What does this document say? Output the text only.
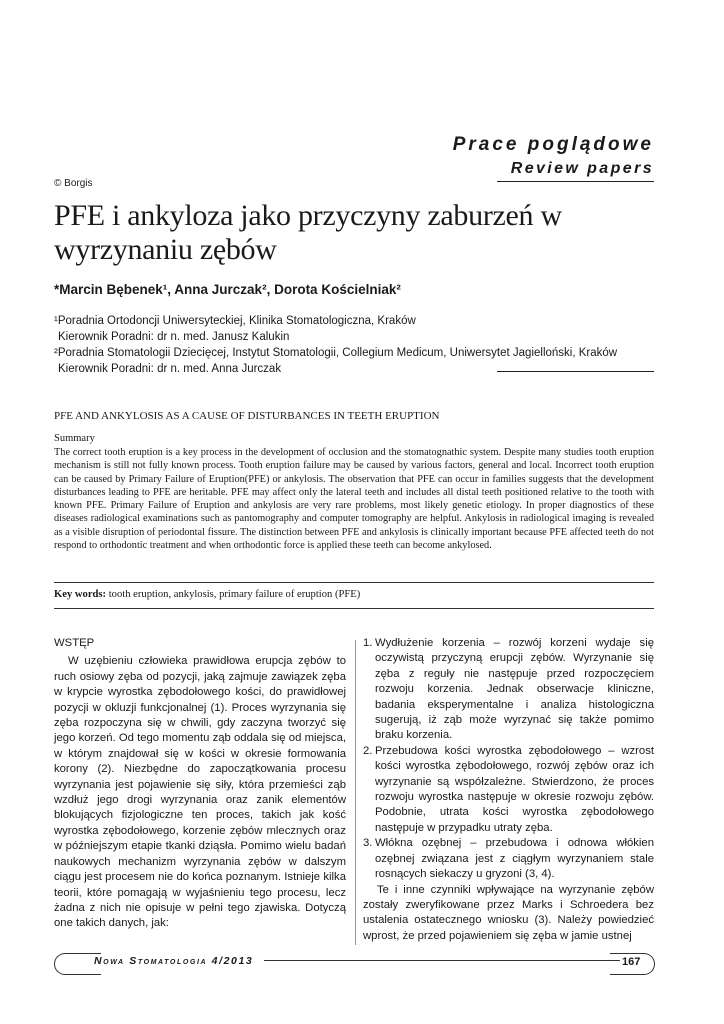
Prace poglądowe
Review papers
© Borgis
PFE i ankyloza jako przyczyny zaburzeń w wyrzynaniu zębów
*Marcin Bębenek¹, Anna Jurczak², Dorota Kościelniak²
¹Poradnia Ortodoncji Uniwersyteckiej, Klinika Stomatologiczna, Kraków
Kierownik Poradni: dr n. med. Janusz Kalukin
²Poradnia Stomatologii Dziecięcej, Instytut Stomatologii, Collegium Medicum, Uniwersytet Jagielloński, Kraków
Kierownik Poradni: dr n. med. Anna Jurczak
PFE AND ANKYLOSIS AS A CAUSE OF DISTURBANCES IN TEETH ERUPTION
Summary
The correct tooth eruption is a key process in the development of occlusion and the stomatognathic system. Despite many studies tooth eruption mechanism is still not fully known process. Tooth eruption failure may be caused by various factors, general and local. Incorrect tooth eruption can be caused by Primary Failure of Eruption(PFE) or ankylosis. The observation that PFE can occur in families suggests that the development disturbances leading to PFE are heritable. PFE may affect only the lateral teeth and includes all distal teeth positioned relative to the tooth with known PFE. Primary Failure of Eruption and ankylosis are very rare problems, most likely genetic etiology. In proper diagnostics of these diseases radiological examinations such as pantomography and computer tomography are helpful. Ankylosis in radiological imaging is revealed as a visible disruption of periodontal fissure. The distinction between PFE and ankylosis is clinically important because PFE affected teeth do not respond to orthodontic treatment and when orthodontic force is applied these teeth can become ankylosed.
Key words: tooth eruption, ankylosis, primary failure of eruption (PFE)
WSTĘP

W uzębieniu człowieka prawidłowa erupcja zębów to ruch osiowy zęba od pozycji, jaką zajmuje zawiązek zęba w krypcie wyrostka zębodołowego kości, do prawidłowej pozycji w okluzji funkcjonalnej (1). Proces wyrzynania się zęba rozpoczyna się w chwili, gdy zaczyna tworzyć się jego korzeń. Od tego momentu ząb oddala się od miejsca, w którym znajdował się w kości w okresie formowania korony (2). Niezbędne do zapoczątkowania procesu wyrzynania jest pojawienie się siły, która przemieści ząb wzdłuż jego drogi wyrzynania oraz zanik elementów blokujących fizjologiczne ten proces, takich jak kość wyrostka zębodołowego, korzenie zębów mlecznych oraz w późniejszym etapie tkanki dziąsła. Pomimo wielu badań naukowych mechanizm wyrzynania zębów w dalszym ciągu jest procesem nie do końca poznanym. Istnieje kilka teorii, które pomagają w wyjaśnieniu tego procesu, lecz żadna z nich nie opisuje w pełni tego zjawiska. Dotyczą one takich danych, jak:

1. Wydłużenie korzenia – rozwój korzeni wydaje się oczywistą przyczyną erupcji zębów. Wyrzynanie się zęba z reguły nie następuje przed rozpoczęciem rozwoju korzenia. Jednak obserwacje kliniczne, badania eksperymentalne i analiza histologiczna sugerują, iż ząb może wyrzynać się także pomimo braku korzenia.
2. Przebudowa kości wyrostka zębodołowego – wzrost kości wyrostka zębodołowego, rozwój zębów oraz ich wyrzynanie są współzależne. Stwierdzono, że proces rozwoju wyrostka następuje w okresie rozwoju zębów. Podobnie, utrata kości wyrostka zębodołowego następuje w przypadku utraty zęba.
3. Włókna ozębnej – przebudowa i odnowa włókien ozębnej związana jest z ciągłym wyrzynaniem stale rosnących siekaczy u gryzoni (3, 4).

Te i inne czynniki wpływające na wyrzynanie zębów zostały zweryfikowane przez Marks i Schroedera bez ustalenia ostatecznego wniosku (3). Należy powiedzieć wprost, że przed pojawieniem się zęba w jamie ustnej

Nowa Stomatologia 4/2013	167
